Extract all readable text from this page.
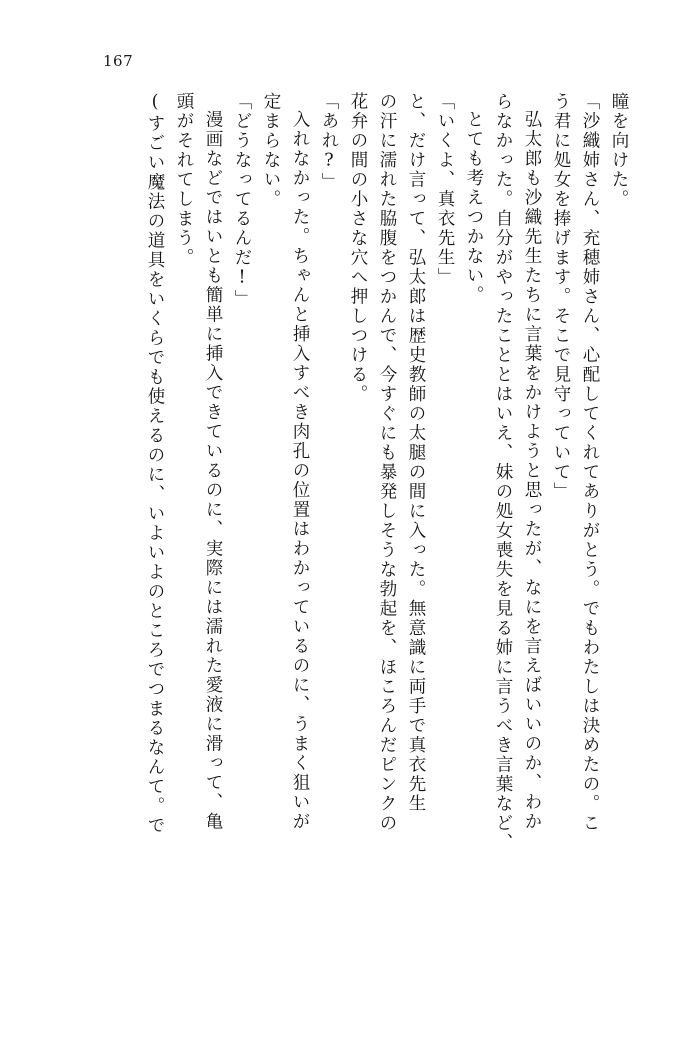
167
瞳を向けた。
「沙織姉さん、充穂姉さん、心配してくれてありがとう。でもわたしは決めたの。こ
う君に処女を捧げます。そこで見守っていて」
弘太郎も沙織先生たちに言葉をかけようと思ったが、なにを言えばいいのか、わか
らなかった。自分がやったこととはいえ、妹の処女喪失を見る姉に言うべき言葉など、
とても考えつかない。
「いくよ、真衣先生」
と、だけ言って、弘太郎は歴史教師の太腿の間に入った。無意識に両手で真衣先生
の汗に濡れた脇腹をつかんで、今すぐにも暴発しそうな勃起を、ほころんだピンクの
花弁の間の小さな穴へ押しつける。
「あれ?」
入れなかった。ちゃんと挿入すべき肉孔の位置はわかっているのに、うまく狙いが
定まらない。
「どうなってるんだ!」
漫画などではいとも簡単に挿入できているのに、実際には濡れた愛液に滑って、亀
頭がそれてしまう。
(すごい魔法の道具をいくらでも使えるのに、いよいよのところでつまるなんて。で
